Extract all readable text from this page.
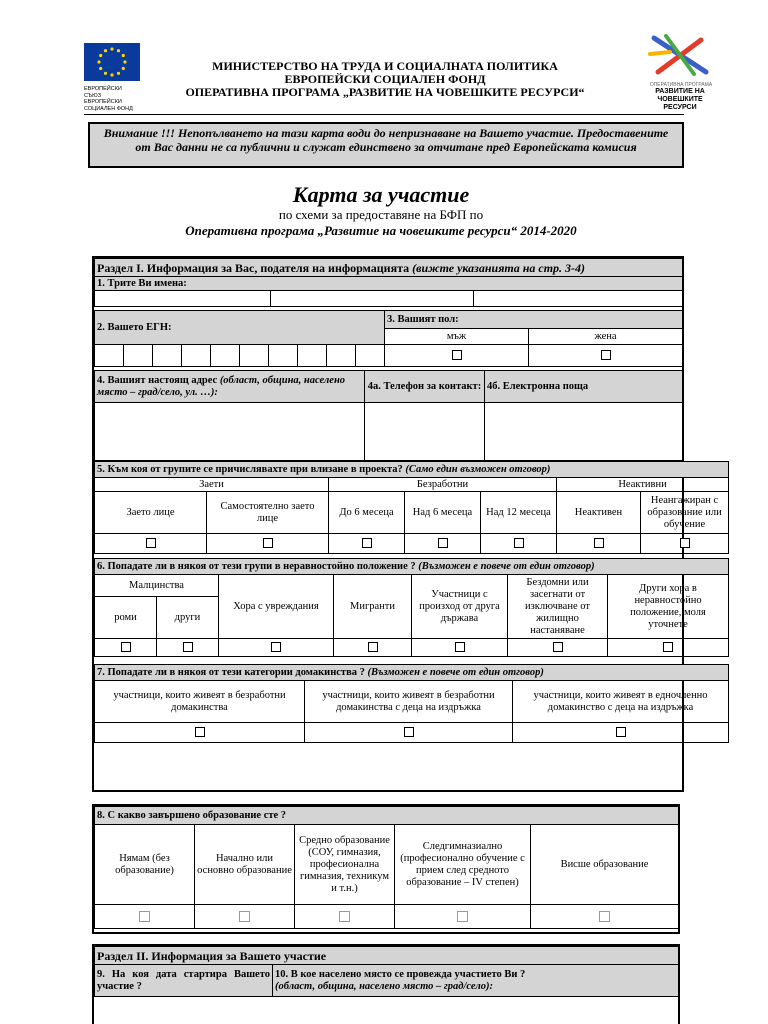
ЕВРОПЕЙСКИ СЪЮЗ ЕВРОПЕЙСКИ СОЦИАЛЕН ФОНД
МИНИСТЕРСТВО НА ТРУДА И СОЦИАЛНАТА ПОЛИТИКА
ЕВРОПЕЙСКИ СОЦИАЛЕН ФОНД
ОПЕРАТИВНА ПРОГРАМА „РАЗВИТИЕ НА ЧОВЕШКИТЕ РЕСУРСИ“	ОПЕРАТИВНА ПРОГРАМА
РАЗВИТИЕ НА ЧОВЕШКИТЕ РЕСУРСИ
Внимание !!! Непопълването на тази карта води до непризнаване на Вашето участие. Предоставените от Вас данни не са публични и служат единствено за отчитане пред Европейската комисия
Карта за участие
по схеми за предоставяне на БФП по
Оперативна програма „Развитие на човешките ресурси“ 2014-2020
Раздел I. Информация за Вас, подателя на информацията (вижте указанията на стр. 3-4)
1. Трите Ви имена:

2. Вашето ЕГН:										3. Вашият пол:	
										мъж	жена

4. Вашият настоящ адрес (област, община, населено място – град/село, ул. …):	4а. Телефон за контакт:	4б. Електронна поща

5. Към коя от групите се причислявахте при влизане в проекта? (Само един възможен отговор)						
Заети		Безработни			Неактивни	
Заето лице	Самостоятелно заето лице	До 6 месеца	Над 6 месеца	Над 12 месеца	Неактивен	Неангажиран с образование или обучение

6. Попадате ли в някоя от тези групи в неравностойно положение ? (Възможен е повече от един отговор)						
Малцинства		Хора с увреждания	Мигранти	Участници с произход от друга държава	Бездомни или засегнати от изключване от жилищно настаняване	Други хора в неравностойно положение, моля уточнете
роми	други					

7. Попадате ли в някоя от тези категории домакинства ? (Възможен е повече от един отговор)		
участници, които живеят в безработни домакинства	участници, които живеят в безработни домакинства с деца на издръжка	участници, които живеят в едночленно домакинство с деца на издръжка

8. С какво завършено образование сте ?				
Нямам (без образование)	Начално или основно образование	Средно образование (СОУ, гимназия, професионална гимназия, техникум и т.н.)	Следгимназиално (професионално обучение с прием след средното образование – IV степен)	Висше образование

Раздел II. Информация за Вашето участие
9. На коя дата стартира Вашето участие ?	10. В кое населено място се провежда участието Ви ?
(област, община, населено място – град/село):
